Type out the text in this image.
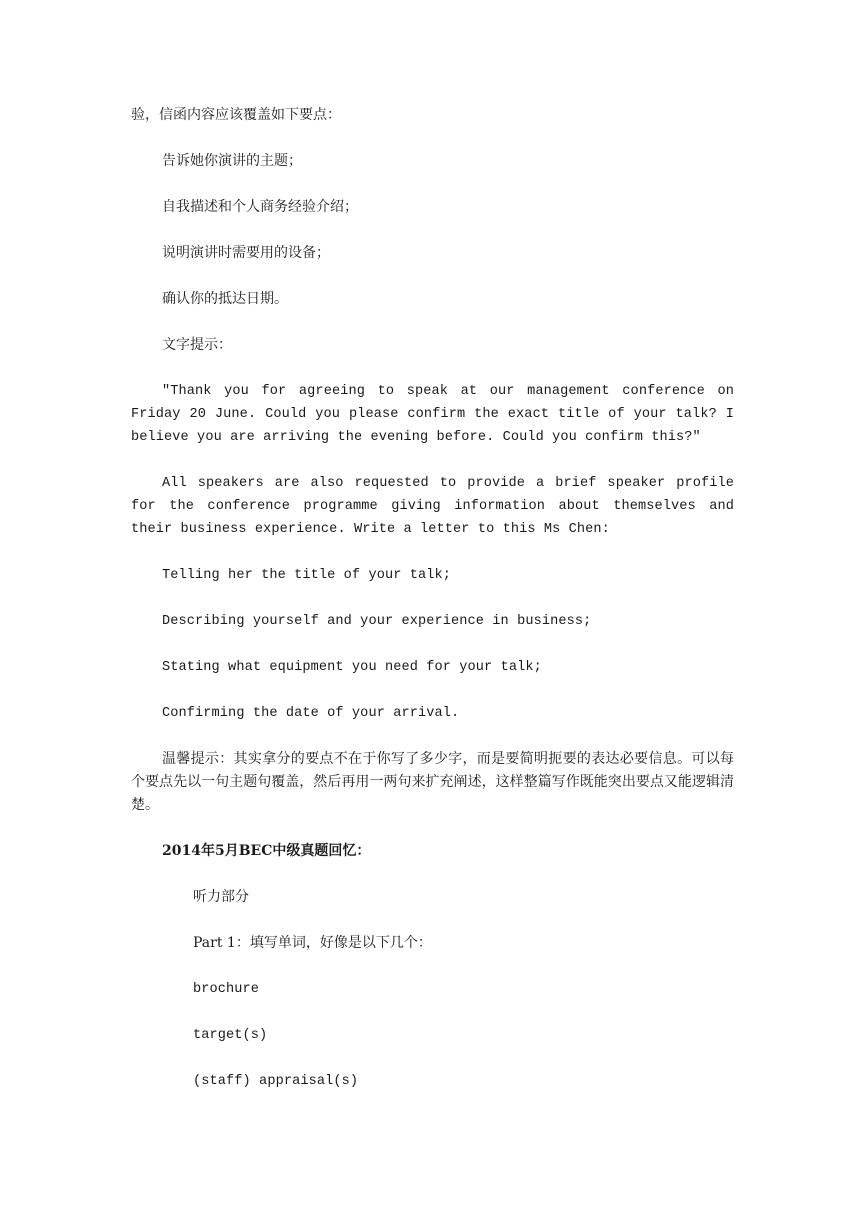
验，信函内容应该覆盖如下要点：

告诉她你演讲的主题；

自我描述和个人商务经验介绍；

说明演讲时需要用的设备；

确认你的抵达日期。

文字提示：

"Thank you for agreeing to speak at our management conference on Friday 20 June. Could you please confirm the exact title of your talk? I believe you are arriving the evening before. Could you confirm this?"

All speakers are also requested to provide a brief speaker profile for the conference programme giving information about themselves and their business experience. Write a letter to this Ms Chen:

Telling her the title of your talk;

Describing yourself and your experience in business;

Stating what equipment you need for your talk;

Confirming the date of your arrival.

温馨提示：其实拿分的要点不在于你写了多少字，而是要简明扼要的表达必要信息。可以每个要点先以一句主题句覆盖，然后再用一两句来扩充阐述，这样整篇写作既能突出要点又能逻辑清楚。

2014年5月BEC中级真题回忆：

听力部分

Part 1：填写单词，好像是以下几个：

brochure

target(s)

(staff) appraisal(s)
